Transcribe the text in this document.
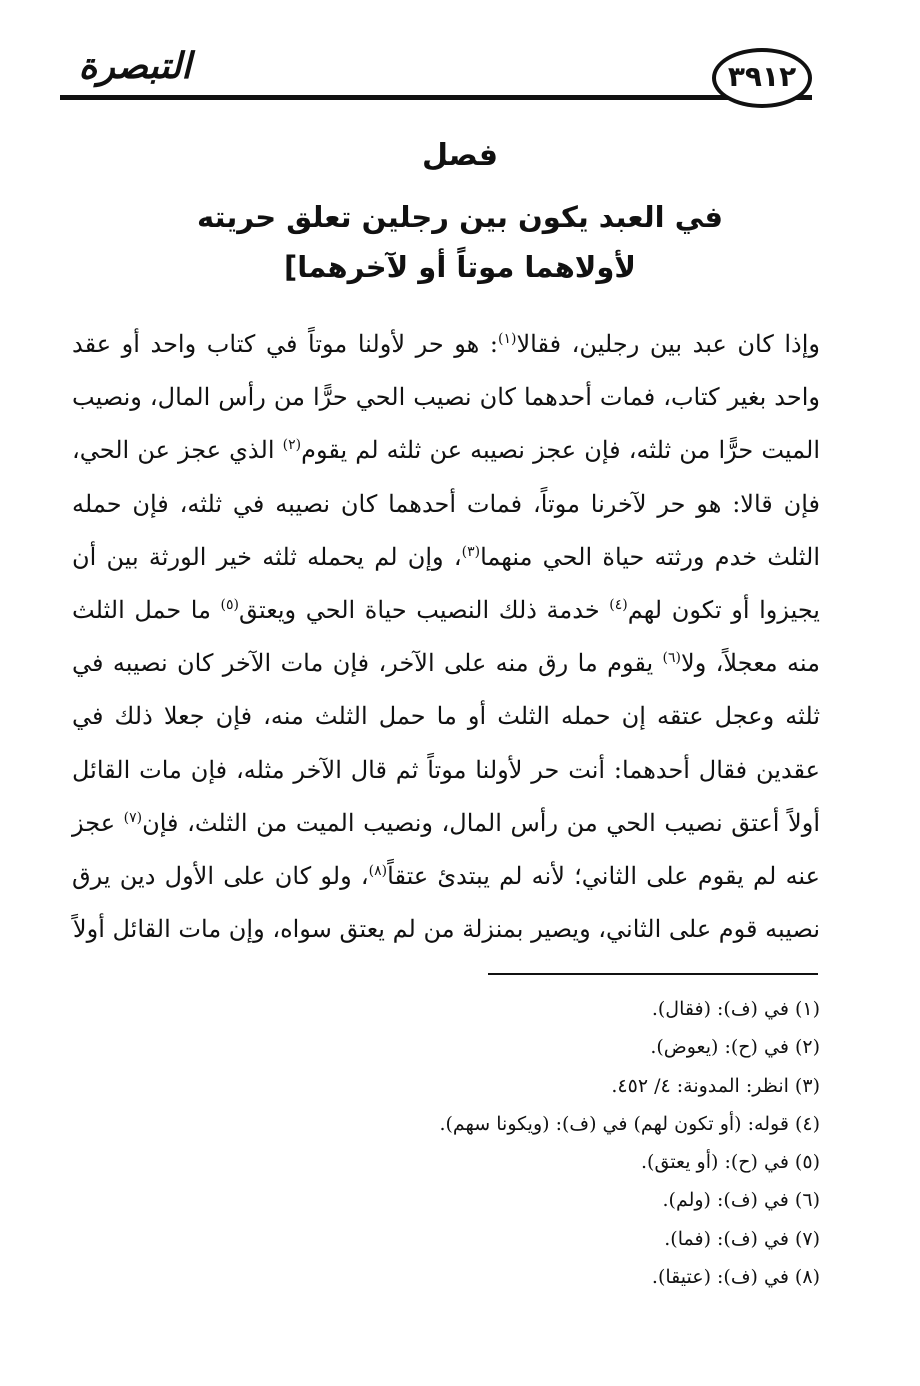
التبصرة	٣٩١٢
فصل
في العبد يكون بين رجلين تعلق حريته
لأولاهما موتاً أو لآخرهما]

وإذا كان عبد بين رجلين، فقالا$^{(١)}$: هو حر لأولنا موتاً في كتاب واحد أو عقد واحد بغير كتاب، فمات أحدهما كان نصيب الحي حرًّا من رأس المال، ونصيب الميت حرًّا من ثلثه، فإن عجز نصيبه عن ثلثه لم يقوم$^{(٢)}$ الذي عجز عن الحي، فإن قالا: هو حر لآخرنا موتاً، فمات أحدهما كان نصيبه في ثلثه، فإن حمله الثلث خدم ورثته حياة الحي منهما$^{(٣)}$، وإن لم يحمله ثلثه خير الورثة بين أن يجيزوا أو تكون لهم$^{(٤)}$ خدمة ذلك النصيب حياة الحي ويعتق$^{(٥)}$ ما حمل الثلث منه معجلاً، ولا$^{(٦)}$ يقوم ما رق منه على الآخر، فإن مات الآخر كان نصيبه في ثلثه وعجل عتقه إن حمله الثلث أو ما حمل الثلث منه، فإن جعلا ذلك في عقدين فقال أحدهما: أنت حر لأولنا موتاً ثم قال الآخر مثله، فإن مات القائل أولاً أعتق نصيب الحي من رأس المال، ونصيب الميت من الثلث، فإن$^{(٧)}$ عجز عنه لم يقوم على الثاني؛ لأنه لم يبتدئ عتقاً$^{(٨)}$، ولو كان على الأول دين يرق نصيبه قوم على الثاني، ويصير بمنزلة من لم يعتق سواه، وإن مات القائل أولاً

(١) في (ف): (فقال).
(٢) في (ح): (يعوض).
(٣) انظر: المدونة: ٤/ ٤٥٢.
(٤) قوله: (أو تكون لهم) في (ف): (ويكونا سهم).
(٥) في (ح): (أو يعتق).
(٦) في (ف): (ولم).
(٧) في (ف): (فما).
(٨) في (ف): (عتيقا).
